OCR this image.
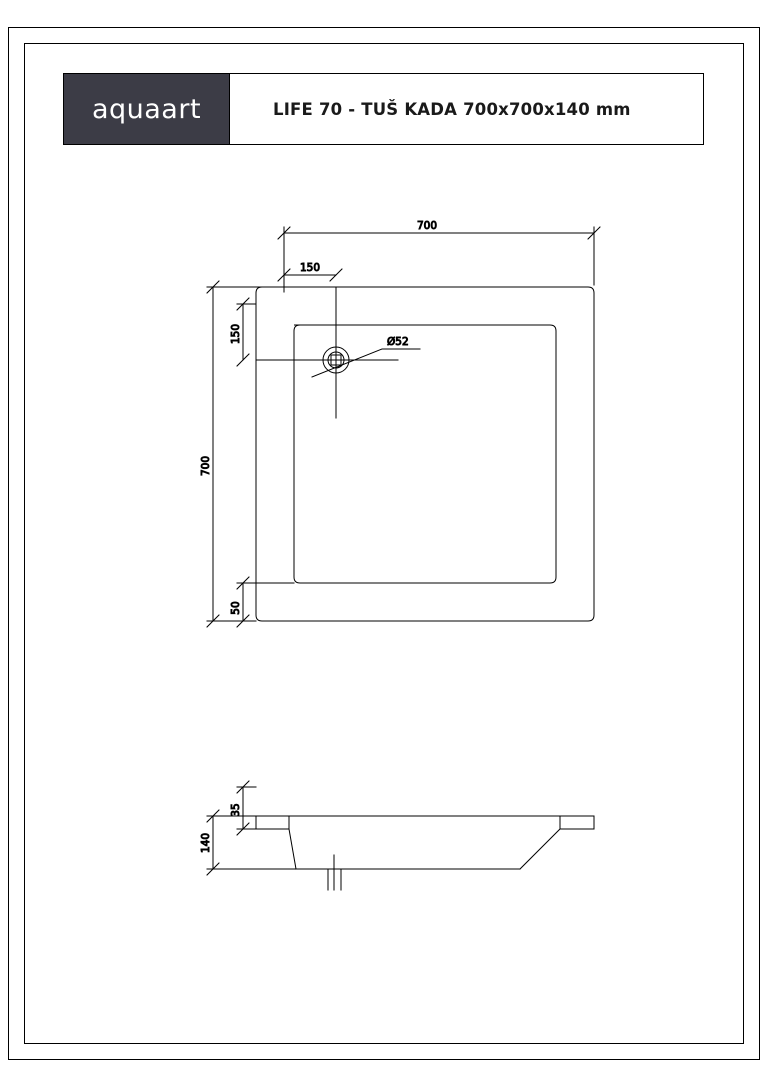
aquaart	LIFE 70 - TUŠ KADA 700x700x140 mm
Ø52
700
150
700
150
50
140
35
